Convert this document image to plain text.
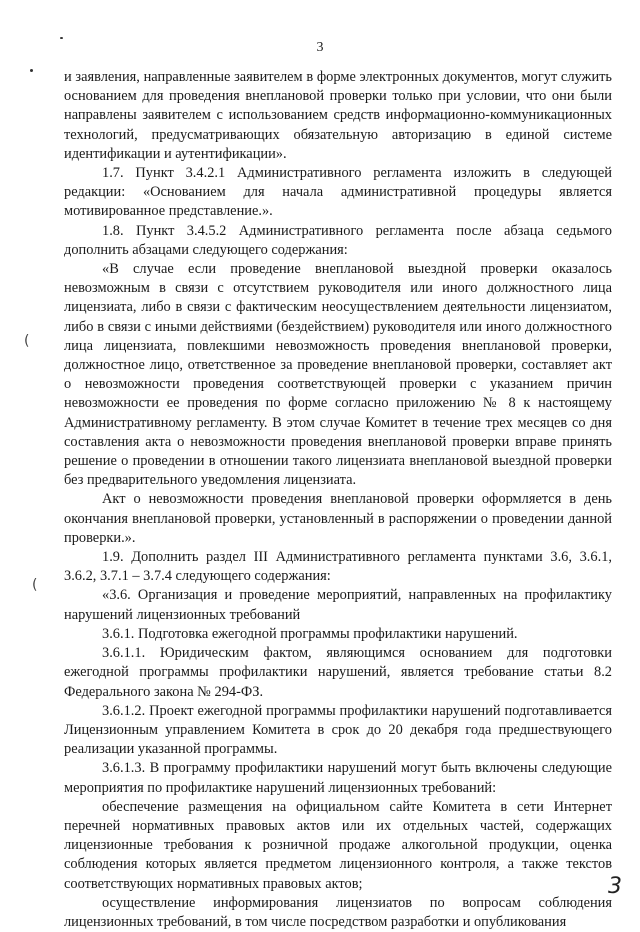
3
(
(

и заявления, направленные заявителем в форме электронных документов, могут служить основанием для проведения внеплановой проверки только при условии, что они были направлены заявителем с использованием средств информационно-коммуникационных технологий, предусматривающих обязательную авторизацию в единой системе идентификации и аутентификации».

1.7. Пункт 3.4.2.1 Административного регламента изложить в следующей редакции: «Основанием для начала административной процедуры является мотивированное представление.».

1.8. Пункт 3.4.5.2 Административного регламента после абзаца седьмого дополнить абзацами следующего содержания:

«В случае если проведение внеплановой выездной проверки оказалось невозможным в связи с отсутствием руководителя или иного должностного лица лицензиата, либо в связи с фактическим неосуществлением деятельности лицензиатом, либо в связи с иными действиями (бездействием) руководителя или иного должностного лица лицензиата, повлекшими невозможность проведения внеплановой проверки, должностное лицо, ответственное за проведение внеплановой проверки, составляет акт о невозможности проведения соответствующей проверки с указанием причин невозможности ее проведения по форме согласно приложению № 8 к настоящему Административному регламенту. В этом случае Комитет в течение трех месяцев со дня составления акта о невозможности проведения внеплановой проверки вправе принять решение о проведении в отношении такого лицензиата внеплановой выездной проверки без предварительного уведомления лицензиата.

Акт о невозможности проведения внеплановой проверки оформляется в день окончания внеплановой проверки, установленный в распоряжении о проведении данной проверки.».

1.9. Дополнить раздел III Административного регламента пунктами 3.6, 3.6.1, 3.6.2, 3.7.1 – 3.7.4 следующего содержания:

«3.6. Организация и проведение мероприятий, направленных на профилактику нарушений лицензионных требований

3.6.1. Подготовка ежегодной программы профилактики нарушений.

3.6.1.1. Юридическим фактом, являющимся основанием для подготовки ежегодной программы профилактики нарушений, является требование статьи 8.2 Федерального закона № 294-ФЗ.

3.6.1.2. Проект ежегодной программы профилактики нарушений подготавливается Лицензионным управлением Комитета в срок до 20 декабря года предшествующего реализации указанной программы.

3.6.1.3. В программу профилактики нарушений могут быть включены следующие мероприятия по профилактике нарушений лицензионных требований:

обеспечение размещения на официальном сайте Комитета в сети Интернет перечней нормативных правовых актов или их отдельных частей, содержащих лицензионные требования к розничной продаже алкогольной продукции, оценка соблюдения которых является предметом лицензионного контроля, а также текстов соответствующих нормативных правовых актов;

осуществление информирования лицензиатов по вопросам соблюдения лицензионных требований, в том числе посредством разработки и опубликования

3
